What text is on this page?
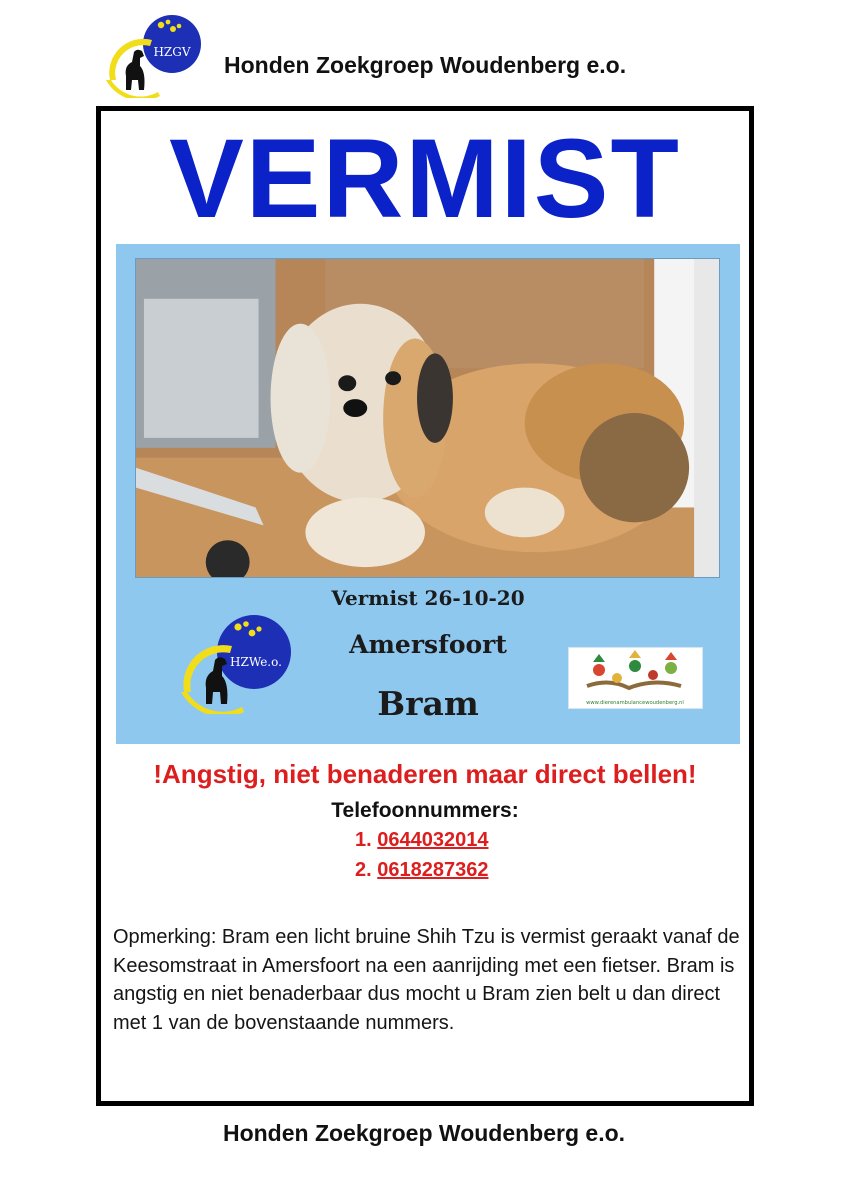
HZGV Honden Zoekgroep Woudenberg e.o.
VERMIST
Vermist 26-10-20
Amersfoort
Bram
HZWe.o.
www.dierenambulancewoudenberg.nl
!Angstig, niet benaderen maar direct bellen!
Telefoonnummers:
1. 0644032014
2. 0618287362
Opmerking: Bram een licht bruine Shih Tzu is vermist geraakt vanaf de Keesomstraat in Amersfoort na een aanrijding met een fietser. Bram is angstig en niet benaderbaar dus mocht u Bram zien belt u dan direct met 1 van de bovenstaande nummers.
Honden Zoekgroep Woudenberg e.o.
